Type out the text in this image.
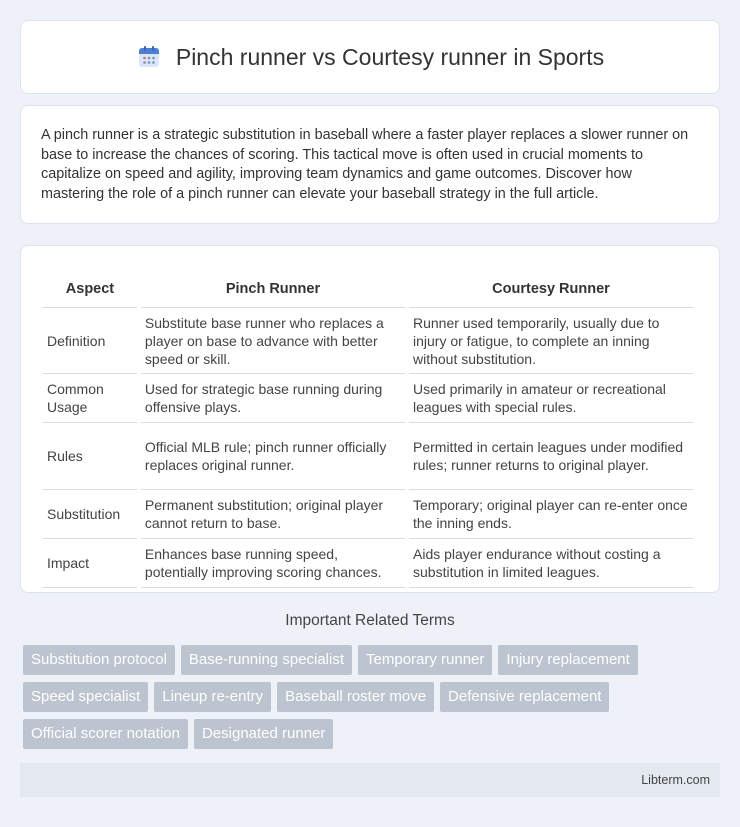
Pinch runner vs Courtesy runner in Sports

A pinch runner is a strategic substitution in baseball where a faster player replaces a slower runner on base to increase the chances of scoring. This tactical move is often used in crucial moments to capitalize on speed and agility, improving team dynamics and game outcomes. Discover how mastering the role of a pinch runner can elevate your baseball strategy in the full article.

Aspect	Pinch Runner	Courtesy Runner
Definition	Substitute base runner who replaces a player on base to advance with better speed or skill.	Runner used temporarily, usually due to injury or fatigue, to complete an inning without substitution.
Common Usage	Used for strategic base running during offensive plays.	Used primarily in amateur or recreational leagues with special rules.
Rules	Official MLB rule; pinch runner officially replaces original runner.	Permitted in certain leagues under modified rules; runner returns to original player.
Substitution	Permanent substitution; original player cannot return to base.	Temporary; original player can re-enter once the inning ends.
Impact	Enhances base running speed, potentially improving scoring chances.	Aids player endurance without costing a substitution in limited leagues.
Important Related Terms
Substitution protocol	Base-running specialist	Temporary runner	Injury replacement
Speed specialist	Lineup re-entry	Baseball roster move	Defensive replacement
Official scorer notation	Designated runner
Libterm.com
